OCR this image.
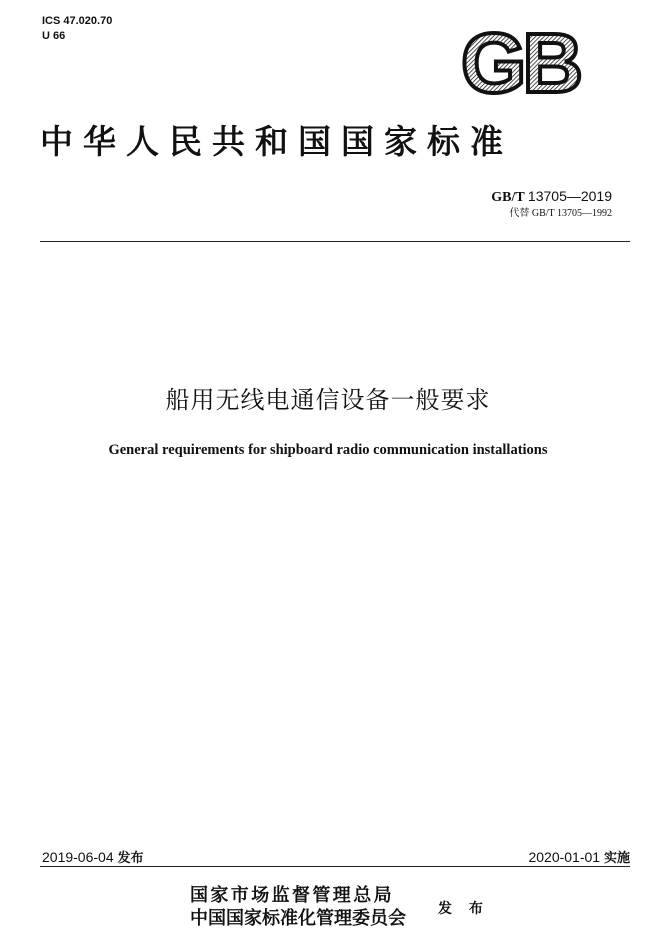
ICS 47.020.70
U 66	GB
中华人民共和国国家标准
GB/T 13705—2019
代替 GB/T 13705—1992
船用无线电通信设备一般要求
General requirements for shipboard radio communication installations
2019-06-04 发布	2020-01-01 实施
国家市场监督管理总局
中国国家标准化管理委员会 发 布
